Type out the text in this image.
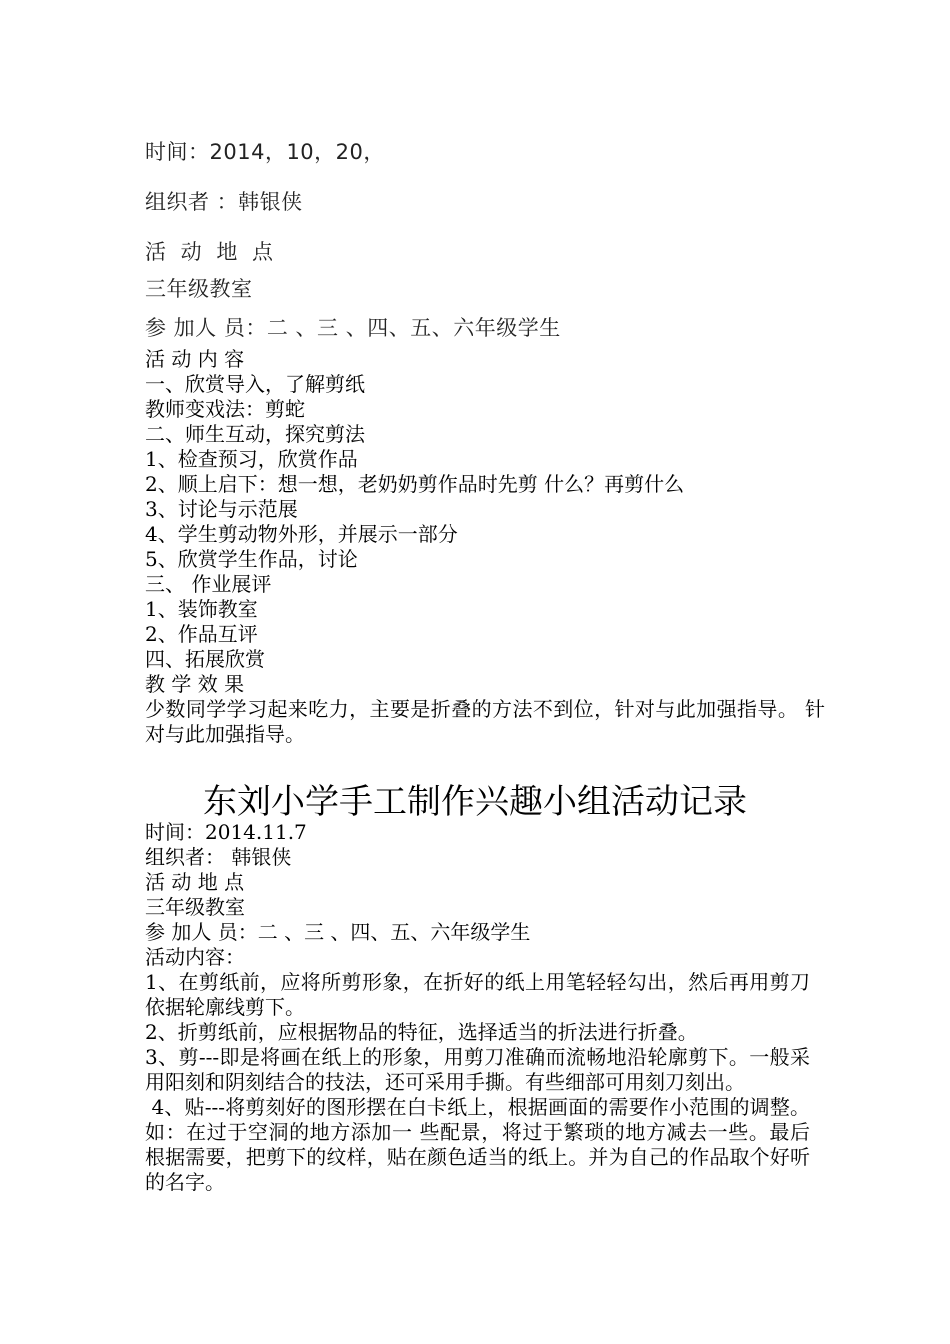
时间：2014，10，20，
组织者 ：韩银侠
活 动 地 点
三年级教室
参 加人 员：二 、三 、四、五、六年级学生
活 动 内 容
一、欣赏导入，了解剪纸
教师变戏法：剪蛇
二、师生互动，探究剪法
1、检查预习，欣赏作品
2、顺上启下：想一想，老奶奶剪作品时先剪 什么？再剪什么
3、讨论与示范展
4、学生剪动物外形，并展示一部分
5、欣赏学生作品，讨论
三、 作业展评
1、装饰教室
2、作品互评
四、拓展欣赏
教 学 效 果
少数同学学习起来吃力，主要是折叠的方法不到位，针对与此加强指导。 针对与此加强指导。
东刘小学手工制作兴趣小组活动记录
时间：2014.11.7
组织者： 韩银侠
活 动 地 点
三年级教室
参 加人 员：二 、三 、四、五、六年级学生
活动内容：
1、在剪纸前，应将所剪形象，在折好的纸上用笔轻轻勾出，然后再用剪刀依据轮廓线剪下。
2、折剪纸前，应根据物品的特征，选择适当的折法进行折叠。
3、剪---即是将画在纸上的形象，用剪刀准确而流畅地沿轮廓剪下。一般采用阳刻和阴刻结合的技法，还可采用手撕。有些细部可用刻刀刻出。
4、贴---将剪刻好的图形摆在白卡纸上，根据画面的需要作小范围的调整。如：在过于空洞的地方添加一 些配景，将过于繁琐的地方减去一些。最后根据需要，把剪下的纹样，贴在颜色适当的纸上。并为自己的作品取个好听的名字。
